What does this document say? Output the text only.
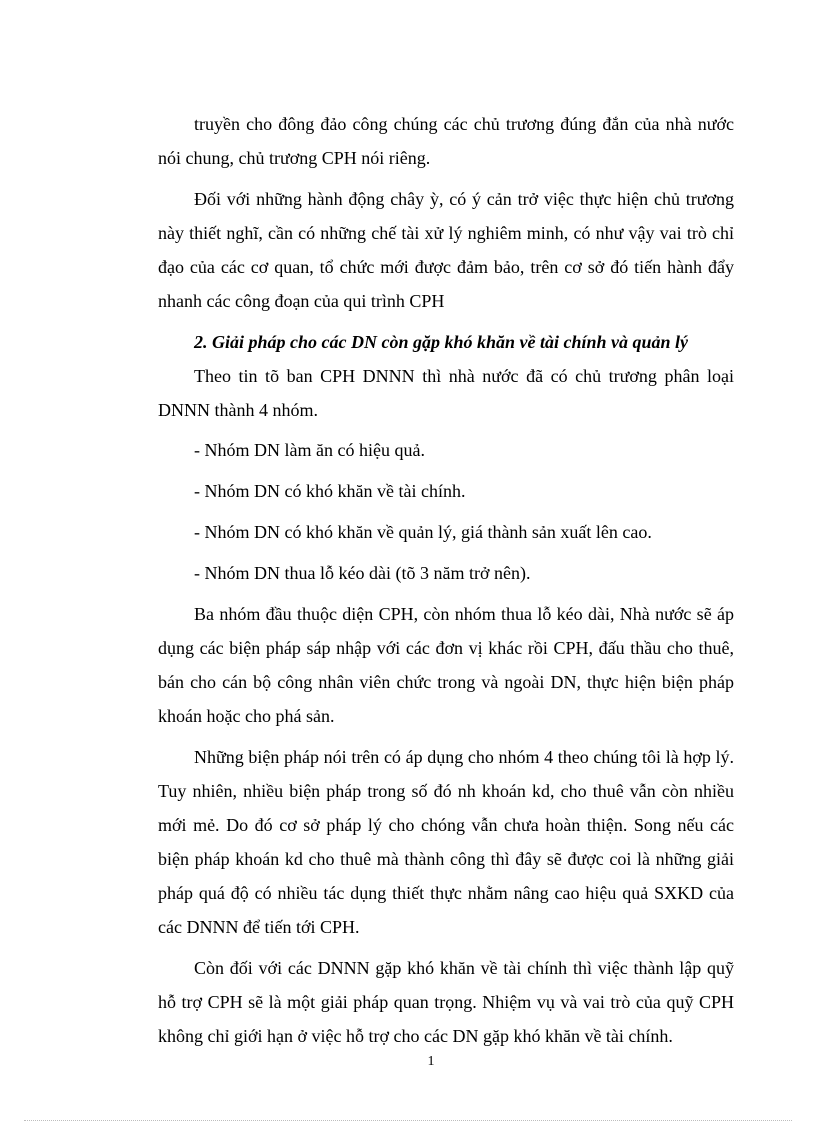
truyền cho đông đảo công chúng các chủ trương đúng đắn của nhà nước nói chung, chủ trương CPH nói riêng.

Đối với những hành động chây ỳ, có ý cản trở việc thực hiện chủ trương này thiết nghĩ, cần có những chế tài xử lý nghiêm minh, có như vậy vai trò chỉ đạo của các cơ quan, tổ chức mới được đảm bảo, trên cơ sở đó tiến hành đẩy nhanh các công đoạn của qui trình CPH

2. Giải pháp cho các DN còn gặp khó khăn về tài chính và quản lý

Theo tin tõ ban CPH DNNN thì nhà nước đã có chủ trương phân loại DNNN thành 4 nhóm.

- Nhóm DN làm ăn có hiệu quả.

- Nhóm DN có khó khăn về tài chính.

- Nhóm DN có khó khăn về quản lý, giá thành sản xuất lên cao.

- Nhóm DN thua lỗ kéo dài (tõ 3 năm trở nên).

Ba nhóm đầu thuộc diện CPH, còn nhóm thua lỗ kéo dài, Nhà nước sẽ áp dụng các biện pháp sáp nhập với các đơn vị khác rồi CPH, đấu thầu cho thuê, bán cho cán bộ công nhân viên chức trong và ngoài DN, thực hiện biện pháp khoán hoặc cho phá sản.

Những biện pháp nói trên có áp dụng cho nhóm 4 theo chúng tôi là hợp lý. Tuy nhiên, nhiều biện pháp trong số đó nh khoán kd, cho thuê vẫn còn nhiều mới mẻ. Do đó cơ sở pháp lý cho chóng vẫn chưa hoàn thiện. Song nếu các biện pháp khoán kd cho thuê mà thành công thì đây sẽ được coi là những giải pháp quá độ có nhiều tác dụng thiết thực nhằm nâng cao hiệu quả SXKD của các DNNN để tiến tới CPH.

Còn đối với các DNNN gặp khó khăn về tài chính thì việc thành lập quỹ hỗ trợ CPH sẽ là một giải pháp quan trọng. Nhiệm vụ và vai trò của quỹ CPH không chỉ giới hạn ở việc hỗ trợ cho các DN gặp khó khăn về tài chính.

1
